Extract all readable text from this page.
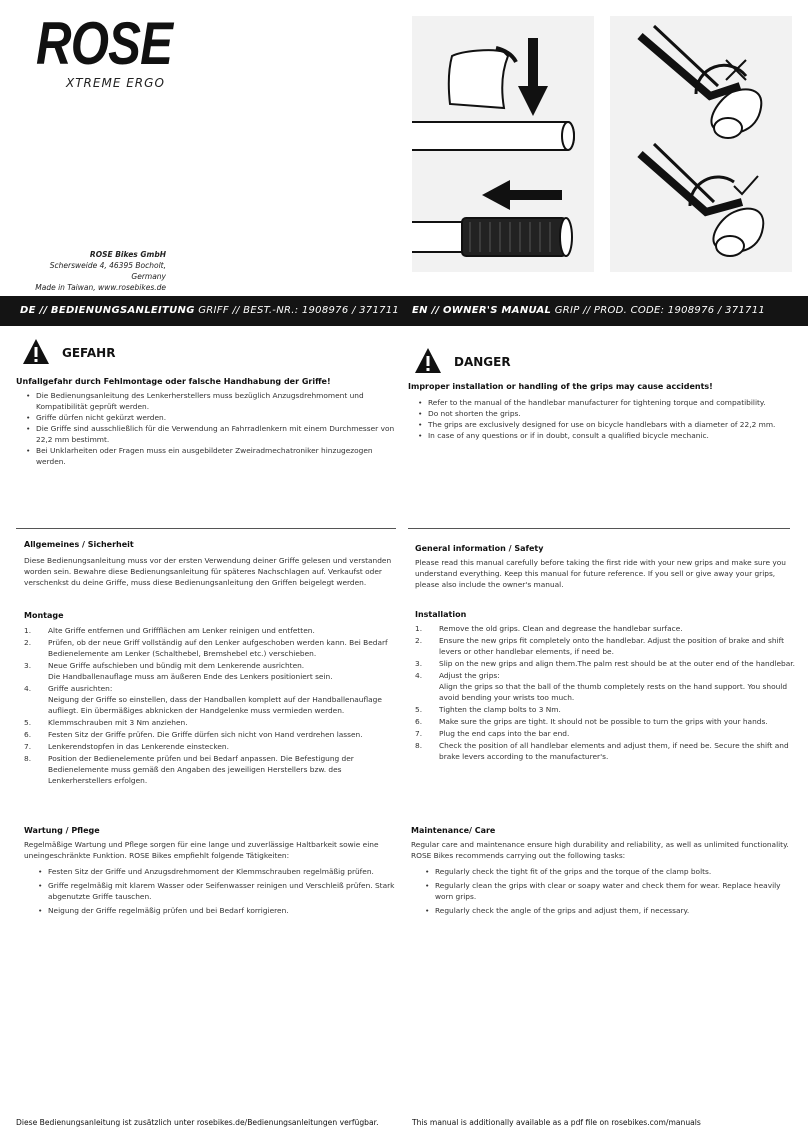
ROSE
XTREME ERGO
ROSE Bikes GmbH
Schersweide 4, 46395 Bocholt, Germany
Made in Taiwan, www.rosebikes.de
DE // BEDIENUNGSANLEITUNG GRIFF // BEST.-NR.: 1908976 / 371711 EN // OWNER'S MANUAL GRIP // PROD. CODE: 1908976 / 371711
GEFAHR
Unfallgefahr durch Fehlmontage oder falsche Handhabung der Griffe!
• Die Bedienungsanleitung des Lenkerherstellers muss bezüglich Anzugsdrehmoment und Kompatibilität geprüft werden.
• Griffe dürfen nicht gekürzt werden.
• Die Griffe sind ausschließlich für die Verwendung an Fahrradlenkern mit einem Durchmesser von 22,2 mm bestimmt.
• Bei Unklarheiten oder Fragen muss ein ausgebildeter Zweiradmechatroniker hinzugezogen werden.
DANGER
Improper installation or handling of the grips may cause accidents!
• Refer to the manual of the handlebar manufacturer for tightening torque and compatibility.
• Do not shorten the grips.
• The grips are exclusively designed for use on bicycle handlebars with a diameter of 22,2 mm.
• In case of any questions or if in doubt, consult a qualified bicycle mechanic.
Allgemeines / Sicherheit
Diese Bedienungsanleitung muss vor der ersten Verwendung deiner Griffe gelesen und verstanden worden sein. Bewahre diese Bedienungsanleitung für späteres Nachschlagen auf. Verkaufst oder verschenkst du deine Griffe, muss diese Bedienungsanleitung den Griffen beigelegt werden.
General information / Safety
Please read this manual carefully before taking the first ride with your new grips and make sure you understand everything. Keep this manual for future reference. If you sell or give away your grips, please also include the owner's manual.
Montage
1. Alte Griffe entfernen und Griffflächen am Lenker reinigen und entfetten.
2. Prüfen, ob der neue Griff vollständig auf den Lenker aufgeschoben werden kann. Bei Bedarf Bedienelemente am Lenker (Schalthebel, Bremshebel etc.) verschieben.
3. Neue Griffe aufschieben und bündig mit dem Lenkerende ausrichten.
Die Handballenauflage muss am äußeren Ende des Lenkers positioniert sein.
4. Griffe ausrichten:
Neigung der Griffe so einstellen, dass der Handballen komplett auf der Handballenauflage aufliegt. Ein übermäßiges abknicken der Handgelenke muss vermieden werden.
5. Klemmschrauben mit 3 Nm anziehen.
6. Festen Sitz der Griffe prüfen. Die Griffe dürfen sich nicht von Hand verdrehen lassen.
7. Lenkerendstopfen in das Lenkerende einstecken.
8. Position der Bedienelemente prüfen und bei Bedarf anpassen. Die Befestigung der Bedienelemente muss gemäß den Angaben des jeweiligen Herstellers bzw. des Lenkerherstellers erfolgen.
Installation
1. Remove the old grips. Clean and degrease the handlebar surface.
2. Ensure the new grips fit completely onto the handlebar. Adjust the position of brake and shift levers or other handlebar elements, if need be.
3. Slip on the new grips and align them.The palm rest should be at the outer end of the handlebar.
4. Adjust the grips:
Align the grips so that the ball of the thumb completely rests on the hand support. You should avoid bending your wrists too much.
5. Tighten the clamp bolts to 3 Nm.
6. Make sure the grips are tight. It should not be possible to turn the grips with your hands.
7. Plug the end caps into the bar end.
8. Check the position of all handlebar elements and adjust them, if need be. Secure the shift and brake levers according to the manufacturer's.
Wartung / Pflege
Regelmäßige Wartung und Pflege sorgen für eine lange und zuverlässige Haltbarkeit sowie eine uneingeschränkte Funktion. ROSE Bikes empfiehlt folgende Tätigkeiten:
• Festen Sitz der Griffe und Anzugsdrehmoment der Klemmschrauben regelmäßig prüfen.
• Griffe regelmäßig mit klarem Wasser oder Seifenwasser reinigen und Verschleiß prüfen. Stark abgenutzte Griffe tauschen.
• Neigung der Griffe regelmäßig prüfen und bei Bedarf korrigieren.
Maintenance/ Care
Regular care and maintenance ensure high durability and reliability, as well as unlimited functionality. ROSE Bikes recommends carrying out the following tasks:
• Regularly check the tight fit of the grips and the torque of the clamp bolts.
• Regularly clean the grips with clear or soapy water and check them for wear. Replace heavily worn grips.
• Regularly check the angle of the grips and adjust them, if necessary.
Diese Bedienungsanleitung ist zusätzlich unter rosebikes.de/Bedienungsanleitungen verfügbar.	This manual is additionally available as a pdf file on rosebikes.com/manuals
